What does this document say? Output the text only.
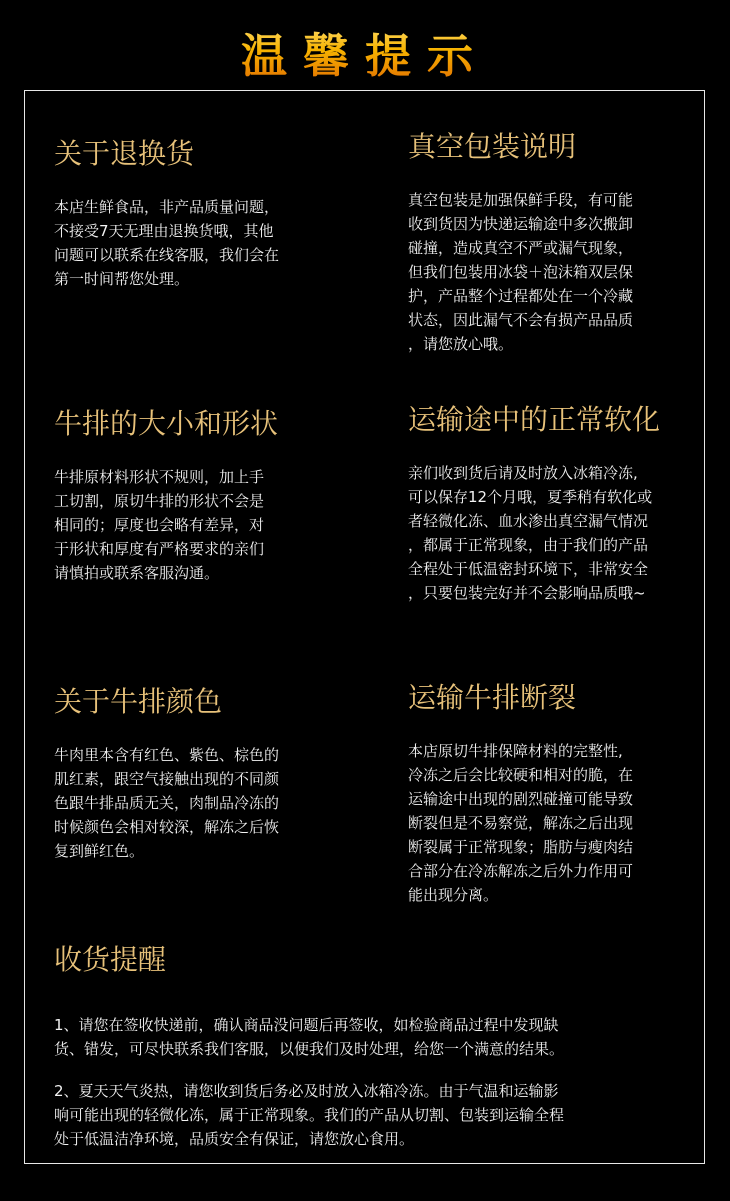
温馨提示
关于退换货
本店生鲜食品，非产品质量问题，
不接受7天无理由退换货哦，其他
问题可以联系在线客服，我们会在
第一时间帮您处理。
真空包装说明
真空包装是加强保鲜手段，有可能
收到货因为快递运输途中多次搬卸
碰撞，造成真空不严或漏气现象，
但我们包装用冰袋＋泡沫箱双层保
护，产品整个过程都处在一个冷藏
状态，因此漏气不会有损产品品质
，请您放心哦。
牛排的大小和形状
牛排原材料形状不规则，加上手
工切割，原切牛排的形状不会是
相同的；厚度也会略有差异，对
于形状和厚度有严格要求的亲们
请慎拍或联系客服沟通。
运输途中的正常软化
亲们收到货后请及时放入冰箱冷冻,
可以保存12个月哦，夏季稍有软化或
者轻微化冻、血水渗出真空漏气情况
，都属于正常现象，由于我们的产品
全程处于低温密封环境下，非常安全
，只要包装完好并不会影响品质哦~
关于牛排颜色
牛肉里本含有红色、紫色、棕色的
肌红素，跟空气接触出现的不同颜
色跟牛排品质无关，肉制品冷冻的
时候颜色会相对较深，解冻之后恢
复到鲜红色。
运输牛排断裂
本店原切牛排保障材料的完整性,
冷冻之后会比较硬和相对的脆，在
运输途中出现的剧烈碰撞可能导致
断裂但是不易察觉，解冻之后出现
断裂属于正常现象；脂肪与瘦肉结
合部分在冷冻解冻之后外力作用可
能出现分离。
收货提醒
1、请您在签收快递前，确认商品没问题后再签收，如检验商品过程中发现缺
货、错发，可尽快联系我们客服，以便我们及时处理，给您一个满意的结果。
2、夏天天气炎热，请您收到货后务必及时放入冰箱冷冻。由于气温和运输影
响可能出现的轻微化冻，属于正常现象。我们的产品从切割、包装到运输全程
处于低温洁净环境，品质安全有保证，请您放心食用。
